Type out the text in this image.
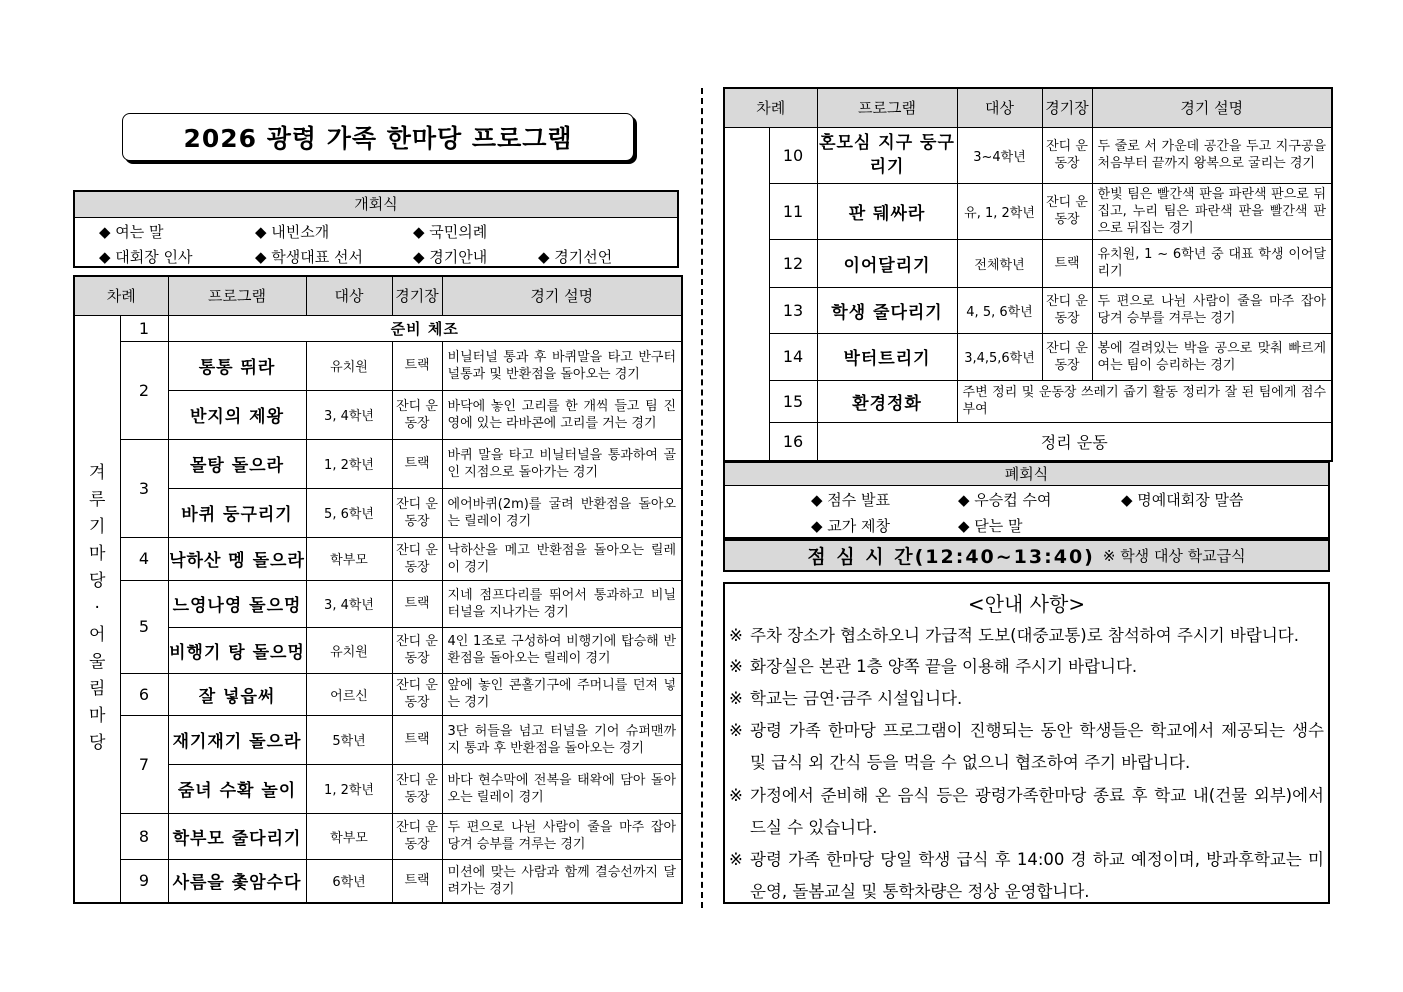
2026 광령 가족 한마당 프로그램
개회식
◆ 여는 말	◆ 내빈소개	◆ 국민의례
◆ 대회장 인사	◆ 학생대표 선서	◆ 경기안내	◆ 경기선언
차례		프로그램	대상	경기장	경기 설명

겨 루 기 마 당 · 어 울 림 마 당	1	준비 체조			
	2	통통 뛰라	유치원	트랙	비닐터널 통과 후 바퀴말을 타고 반구터널통과 및 반환점을 돌아오는 경기
		반지의 제왕	3, 4학년	잔디 운동장	바닥에 놓인 고리를 한 개씩 들고 팀 진영에 있는 라바콘에 고리를 거는 경기
	3	몰탕 돌으라	1, 2학년	트랙	바퀴 말을 타고 비닐터널을 통과하여 골인 지점으로 돌아가는 경기
		바퀴 둥구리기	5, 6학년	잔디 운동장	에어바퀴(2m)를 굴려 반환점을 돌아오는 릴레이 경기
	4	낙하산 멩 돌으라	학부모	잔디 운동장	낙하산을 메고 반환점을 돌아오는 릴레이 경기
	5	느영나영 돌으멍	3, 4학년	트랙	지네 점프다리를 뛰어서 통과하고 비닐터널을 지나가는 경기
		비행기 탕 돌으멍	유치원	잔디 운동장	4인 1조로 구성하여 비행기에 탑승해 반환점을 돌아오는 릴레이 경기
	6	잘 넣읍써	어르신	잔디 운동장	앞에 놓인 콘홀기구에 주머니를 던져 넣는 경기
	7	재기재기 돌으라	5학년	트랙	3단 허들을 넘고 터널을 기어 슈퍼맨까지 통과 후 반환점을 돌아오는 경기
		줌녀 수확 놀이	1, 2학년	잔디 운동장	바다 현수막에 전복을 태왁에 담아 돌아오는 릴레이 경기
	8	학부모 줄다리기	학부모	잔디 운동장	두 편으로 나뉜 사람이 줄을 마주 잡아 당겨 승부를 겨루는 경기
	9	사름을 촟암수다	6학년	트랙	미션에 맞는 사람과 함께 결승선까지 달려가는 경기
차례		프로그램	대상	경기장	경기 설명
	10	혼모심 지구 둥구리기	3~4학년	잔디 운동장	두 줄로 서 가운데 공간을 두고 지구공을 처음부터 끝까지 왕복으로 굴리는 경기
	11	판 뒈싸라	유, 1, 2학년	잔디 운동장	한빛 팀은 빨간색 판을 파란색 판으로 뒤집고, 누리 팀은 파란색 판을 빨간색 판으로 뒤집는 경기
	12	이어달리기	전체학년	트랙	유치원, 1 ~ 6학년 중 대표 학생 이어달리기
	13	학생 줄다리기	4, 5, 6학년	잔디 운동장	두 편으로 나뉜 사람이 줄을 마주 잡아 당겨 승부를 겨루는 경기
	14	박터트리기	3,4,5,6학년	잔디 운동장	봉에 걸려있는 박을 공으로 맞춰 빠르게 여는 팀이 승리하는 경기
	15	환경정화	주변 정리 및 운동장 쓰레기 줍기 활동 정리가 잘 된 팀에게 점수 부여		
	16	정리 운동			
폐회식
◆ 점수 발표	◆ 우승컵 수여	◆ 명예대회장 말씀
◆ 교가 제창	◆ 닫는 말
점 심 시 간(12:40~13:40) ※ 학생 대상 학교급식
<안내 사항>
※ 주차 장소가 협소하오니 가급적 도보(대중교통)로 참석하여 주시기 바랍니다.
※ 화장실은 본관 1층 양쪽 끝을 이용해 주시기 바랍니다.
※ 학교는 금연·금주 시설입니다.
※ 광령 가족 한마당 프로그램이 진행되는 동안 학생들은 학교에서 제공되는 생수 및 급식 외 간식 등을 먹을 수 없으니 협조하여 주기 바랍니다.
※ 가정에서 준비해 온 음식 등은 광령가족한마당 종료 후 학교 내(건물 외부)에서 드실 수 있습니다.
※ 광령 가족 한마당 당일 학생 급식 후 14:00 경 하교 예정이며, 방과후학교는 미운영, 돌봄교실 및 통학차량은 정상 운영합니다.
